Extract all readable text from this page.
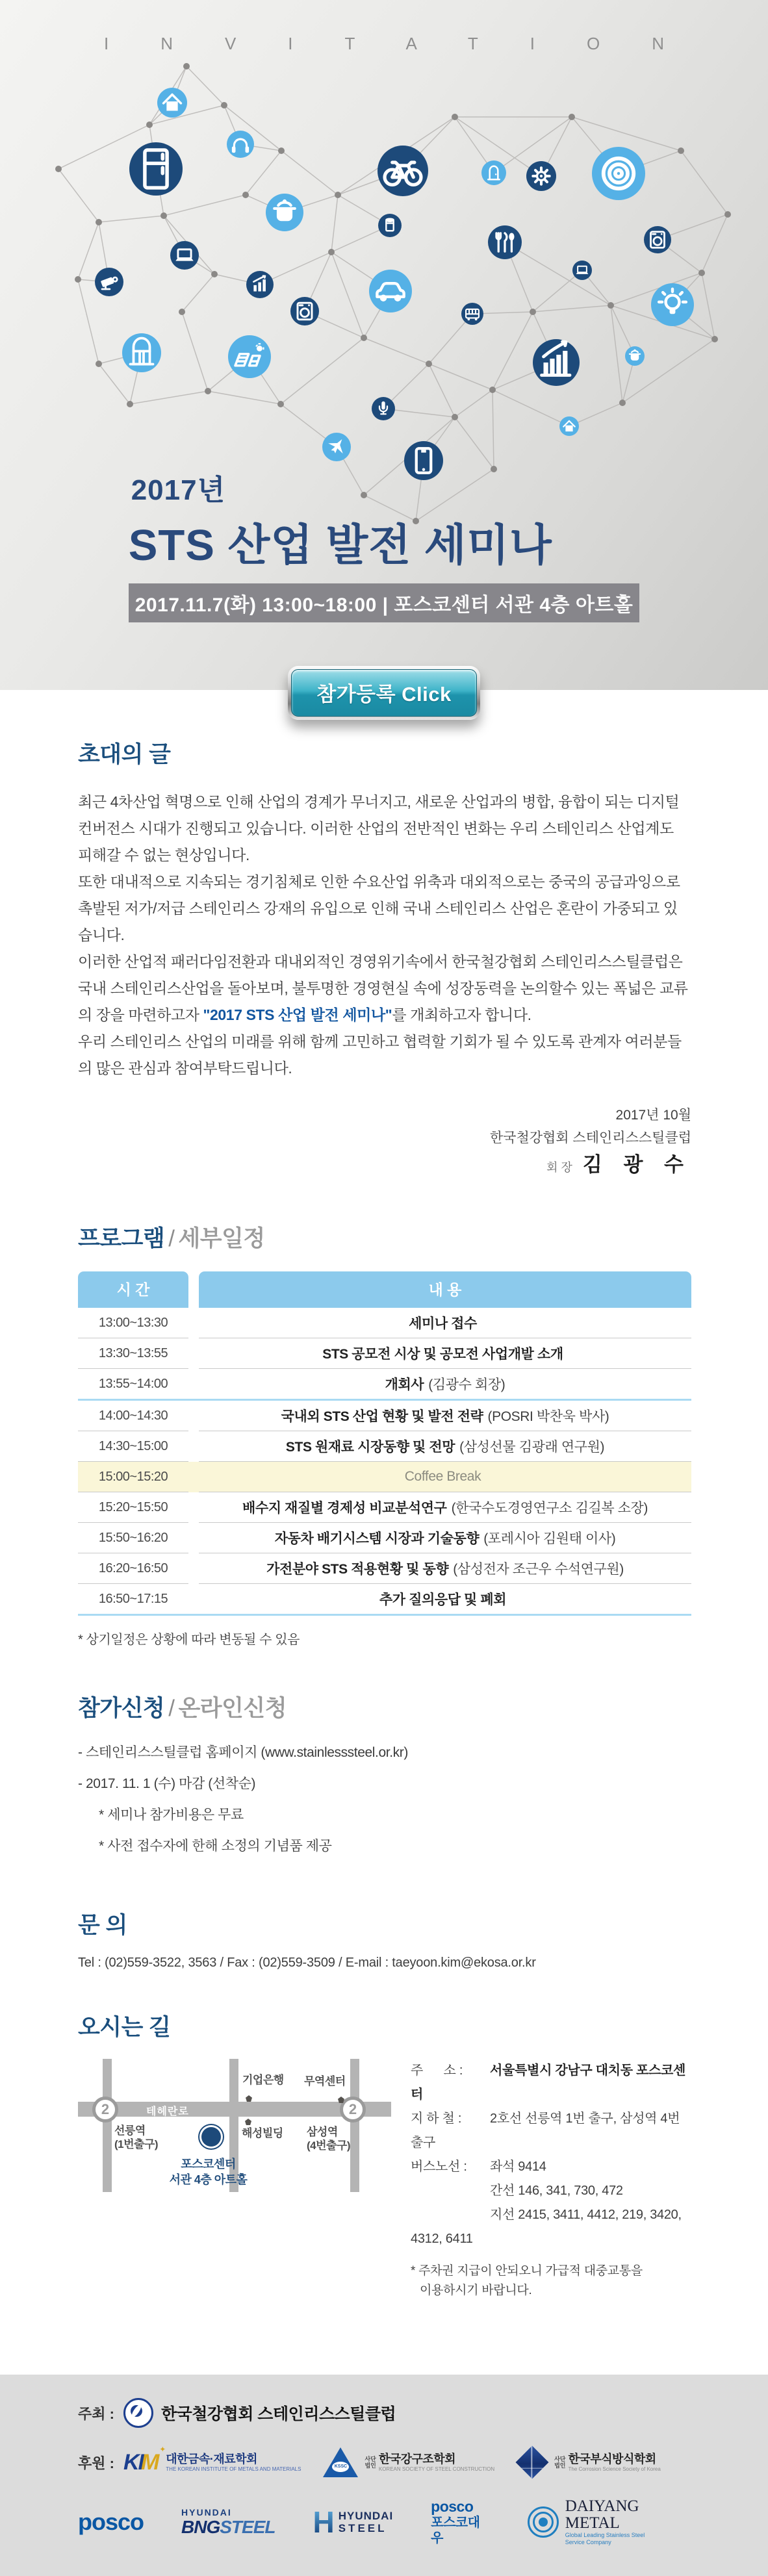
INVITATION
2017년
STS 산업 발전 세미나
2017.11.7(화) 13:00~18:00 | 포스코센터 서관 4층 아트홀
참가등록 Click
초대의 글

최근 4차산업 혁명으로 인해 산업의 경계가 무너지고, 새로운 산업과의 병합, 융합이 되는 디지털 컨버전스 시대가 진행되고 있습니다. 이러한 산업의 전반적인 변화는 우리 스테인리스 산업계도 피해갈 수 없는 현상입니다.

또한 대내적으로 지속되는 경기침체로 인한 수요산업 위축과 대외적으로는 중국의 공급과잉으로 촉발된 저가/저급 스테인리스 강재의 유입으로 인해 국내 스테인리스 산업은 혼란이 가중되고 있습니다.

이러한 산업적 패러다임전환과 대내외적인 경영위기속에서 한국철강협회 스테인리스스틸클럽은 국내 스테인리스산업을 돌아보며, 불투명한 경영현실 속에 성장동력을 논의할수 있는 폭넓은 교류의 장을 마련하고자 "2017 STS 산업 발전 세미나"를 개최하고자 합니다.

우리 스테인리스 산업의 미래를 위해 함께 고민하고 협력할 기회가 될 수 있도록 관계자 여러분들의 많은 관심과 참여부탁드립니다.

2017년 10월
한국철강협회 스테인리스스틸클럽
회 장 김 광 수
프로그램 / 세부일정
시 간	내 용
13:00~13:30	세미나 접수
13:30~13:55	STS 공모전 시상 및 공모전 사업개발 소개
13:55~14:00	개회사 (김광수 회장)
14:00~14:30	국내외 STS 산업 현황 및 발전 전략 (POSRI 박찬욱 박사)
14:30~15:00	STS 원재료 시장동향 및 전망 (삼성선물 김광래 연구원)
15:00~15:20	Coffee Break
15:20~15:50	배수지 재질별 경제성 비교분석연구 (한국수도경영연구소 김길복 소장)
15:50~16:20	자동차 배기시스템 시장과 기술동향 (포레시아 김원태 이사)
16:20~16:50	가전분야 STS 적용현황 및 동향 (삼성전자 조근우 수석연구원)
16:50~17:15	추가 질의응답 및 폐회

* 상기일정은 상황에 따라 변동될 수 있음

참가신청 / 온라인신청
- 스테인리스스틸클럽 홈페이지 (www.stainlesssteel.or.kr)
- 2017. 11. 1 (수) 마감 (선착순)
* 세미나 참가비용은 무료
* 사전 접수자에 한해 소정의 기념품 제공
문 의

Tel : (02)559-3522, 3563 / Fax : (02)559-3509 / E-mail : taeyoon.kim@ekosa.or.kr

오시는 길
테헤란로
2	2
기업은행 무역센터
선릉역
(1번출구)
해성빌딩 삼성역
(4번출구)
포스코센터
서관 4층 아트홀
주      소 : 서울특별시 강남구 대치동 포스코센터
지 하 철 : 2호선 선릉역 1번 출구, 삼성역 4번 출구
버스노선 : 좌석 9414
간선 146, 341, 730, 472
지선 2415, 3411, 4412, 219, 3420, 4312, 6411
* 주차권 지급이 안되오니 가급적 대중교통을
이용하시기 바랍니다.
주최 :	한국철강협회 스테인리스스틸클럽
후원 : KI
M ✦ 대한금속·재료학회
THE KOREAN INSTITUTE OF METALS AND MATERIALS	KSSC
사단
법인
한국강구조학회
KOREAN SOCIETY OF STEEL CONSTRUCTION
사단
법인
한국부식방식학회
The Corrosion Science Society of Korea
posco	HYUNDAI
BNGSTEEL H HYUNDAI
STEEL
posco
포스코대우
DAIYANG METAL
Global Leading Stainless Steel
Service Company
